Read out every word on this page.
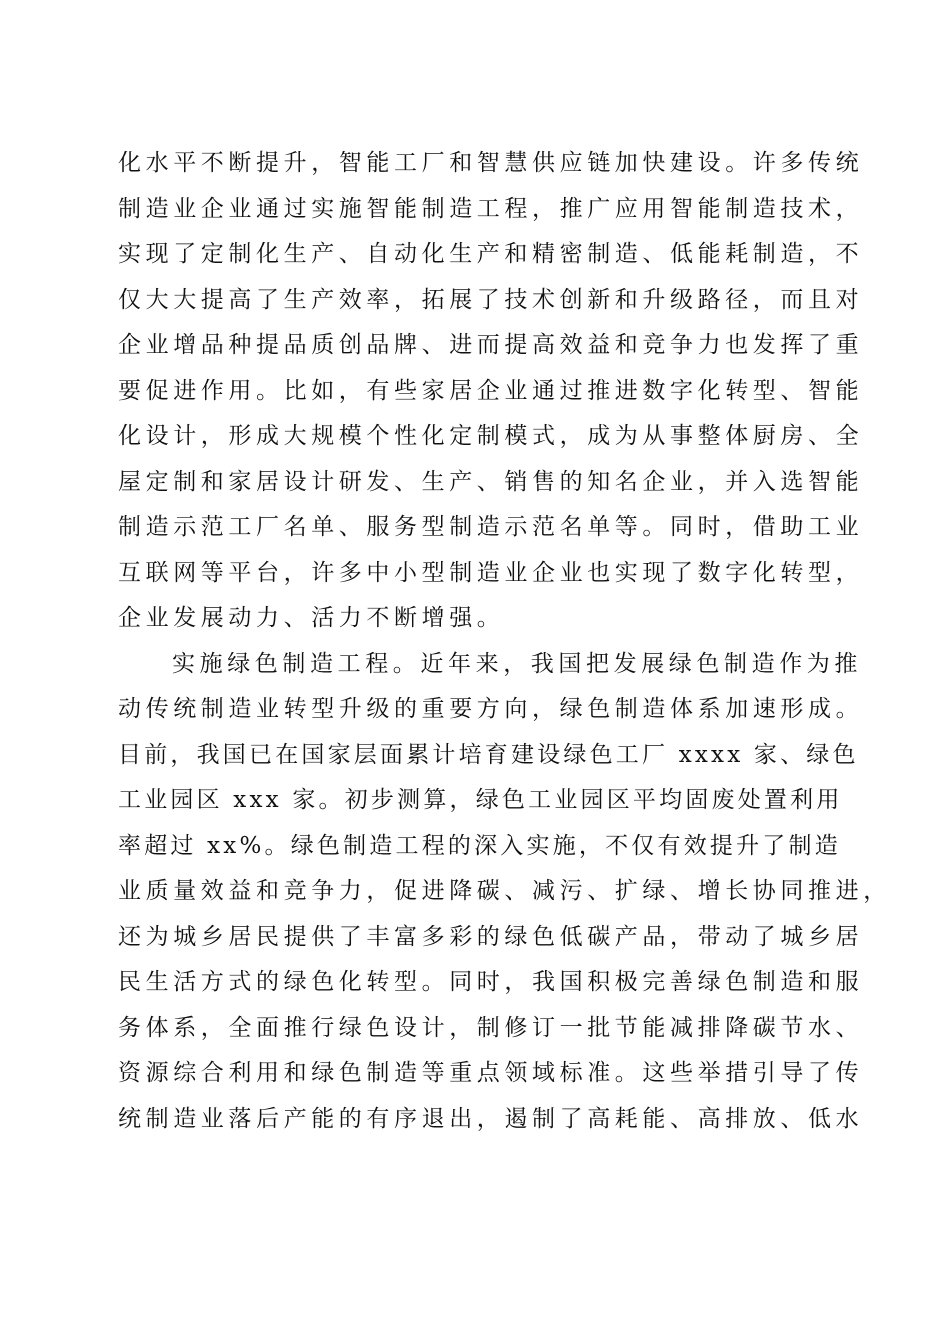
化水平不断提升，智能工厂和智慧供应链加快建设。许多传统
制造业企业通过实施智能制造工程，推广应用智能制造技术，
实现了定制化生产、自动化生产和精密制造、低能耗制造，不
仅大大提高了生产效率，拓展了技术创新和升级路径，而且对
企业增品种提品质创品牌、进而提高效益和竞争力也发挥了重
要促进作用。比如，有些家居企业通过推进数字化转型、智能
化设计，形成大规模个性化定制模式，成为从事整体厨房、全
屋定制和家居设计研发、生产、销售的知名企业，并入选智能
制造示范工厂名单、服务型制造示范名单等。同时，借助工业
互联网等平台，许多中小型制造业企业也实现了数字化转型，
企业发展动力、活力不断增强。
实施绿色制造工程。近年来，我国把发展绿色制造作为推
动传统制造业转型升级的重要方向，绿色制造体系加速形成。
目前，我国已在国家层面累计培育建设绿色工厂 xxxx 家、绿色
工业园区 xxx 家。初步测算，绿色工业园区平均固废处置利用
率超过 xx%。绿色制造工程的深入实施，不仅有效提升了制造
业质量效益和竞争力，促进降碳、减污、扩绿、增长协同推进，
还为城乡居民提供了丰富多彩的绿色低碳产品，带动了城乡居
民生活方式的绿色化转型。同时，我国积极完善绿色制造和服
务体系，全面推行绿色设计，制修订一批节能减排降碳节水、
资源综合利用和绿色制造等重点领域标准。这些举措引导了传
统制造业落后产能的有序退出，遏制了高耗能、高排放、低水
